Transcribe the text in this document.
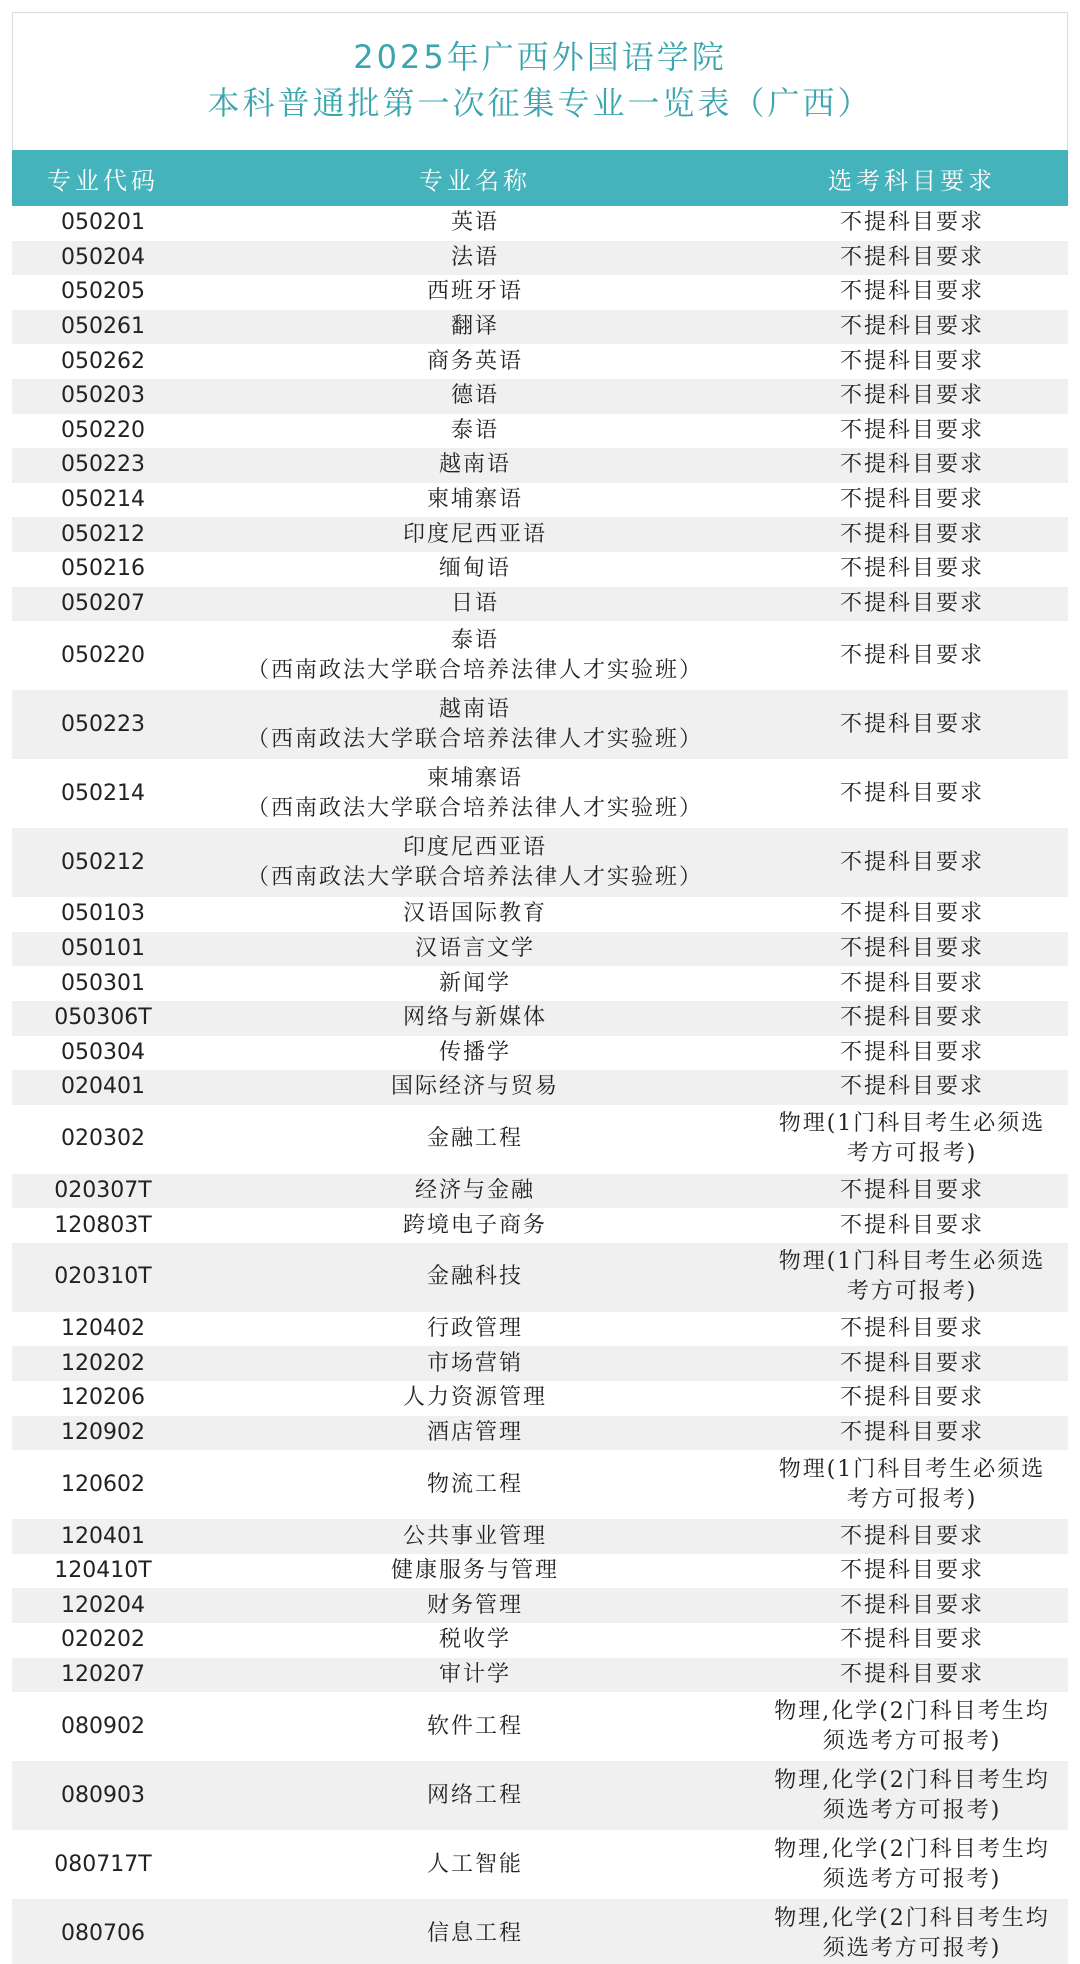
2025年广西外国语学院
本科普通批第一次征集专业一览表（广西）
专业代码	专业名称	选考科目要求
050201	英语	不提科目要求

050204	法语	不提科目要求

050205	西班牙语	不提科目要求

050261	翻译	不提科目要求

050262	商务英语	不提科目要求

050203	德语	不提科目要求

050220	泰语	不提科目要求

050223	越南语	不提科目要求

050214	柬埔寨语	不提科目要求

050212	印度尼西亚语	不提科目要求

050216	缅甸语	不提科目要求

050207	日语	不提科目要求

050220	泰语
（西南政法大学联合培养法律人才实验班）	不提科目要求

050223	越南语
（西南政法大学联合培养法律人才实验班）	不提科目要求

050214	柬埔寨语
（西南政法大学联合培养法律人才实验班）	不提科目要求

050212	印度尼西亚语
（西南政法大学联合培养法律人才实验班）	不提科目要求

050103	汉语国际教育	不提科目要求

050101	汉语言文学	不提科目要求

050301	新闻学	不提科目要求

050306T	网络与新媒体	不提科目要求

050304	传播学	不提科目要求

020401	国际经济与贸易	不提科目要求

020302	金融工程	物理(1门科目考生必须选
考方可报考)

020307T	经济与金融	不提科目要求

120803T	跨境电子商务	不提科目要求

020310T	金融科技	物理(1门科目考生必须选
考方可报考)

120402	行政管理	不提科目要求

120202	市场营销	不提科目要求

120206	人力资源管理	不提科目要求

120902	酒店管理	不提科目要求

120602	物流工程	物理(1门科目考生必须选
考方可报考)

120401	公共事业管理	不提科目要求

120410T	健康服务与管理	不提科目要求

120204	财务管理	不提科目要求

020202	税收学	不提科目要求

120207	审计学	不提科目要求

080902	软件工程	物理,化学(2门科目考生均
须选考方可报考)

080903	网络工程	物理,化学(2门科目考生均
须选考方可报考)

080717T	人工智能	物理,化学(2门科目考生均
须选考方可报考)

080706	信息工程	物理,化学(2门科目考生均
须选考方可报考)
